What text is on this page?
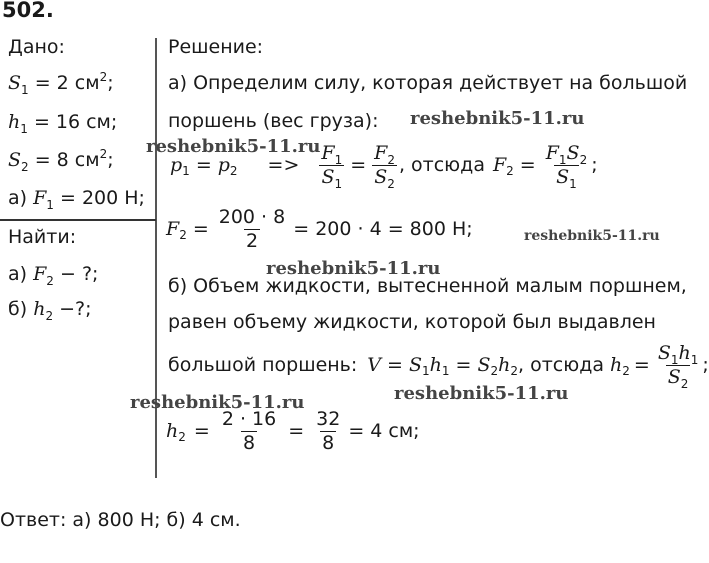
502.
Дано:
$S_1 = 2$ $см^2$;
$h_1 = 16$ см;
$S_2 = 8$ $см^2$;
а) $F_1 = 200$ Н;
Найти:
а) $F_2$ − ?;
б) $h_2$ −?;
Решение:
а) Определим силу, которая действует на большой
поршень (вес груза):
p 1 = p $2 => \frac{F_1}{S_1} = \frac{F_2}{S_2}$ , отсюда F $2 = \frac{F_1S_2}{S_1}$ ;
F $2 = \frac{200 \cdot 8}{2} = 200 \cdot 4 = 800$ Н;
б) Объем жидкости, вытесненной малым поршнем,
равен объему жидкости, которой был выдавлен
большой поршень: V = S 1 h 1 = S 2 h 2 , отсюда h $2 = \frac{S_1h_1}{S_2}$ ;
h $2 = \frac{2 \cdot 16}{8} = \frac{32}{8} = 4$ см;
Ответ: а) 800 Н; б) 4 см.
reshebnik5-11.ru
reshebnik5-11.ru
reshebnik5-11.ru
reshebnik5-11.ru
reshebnik5-11.ru	reshebnik5-11.ru
